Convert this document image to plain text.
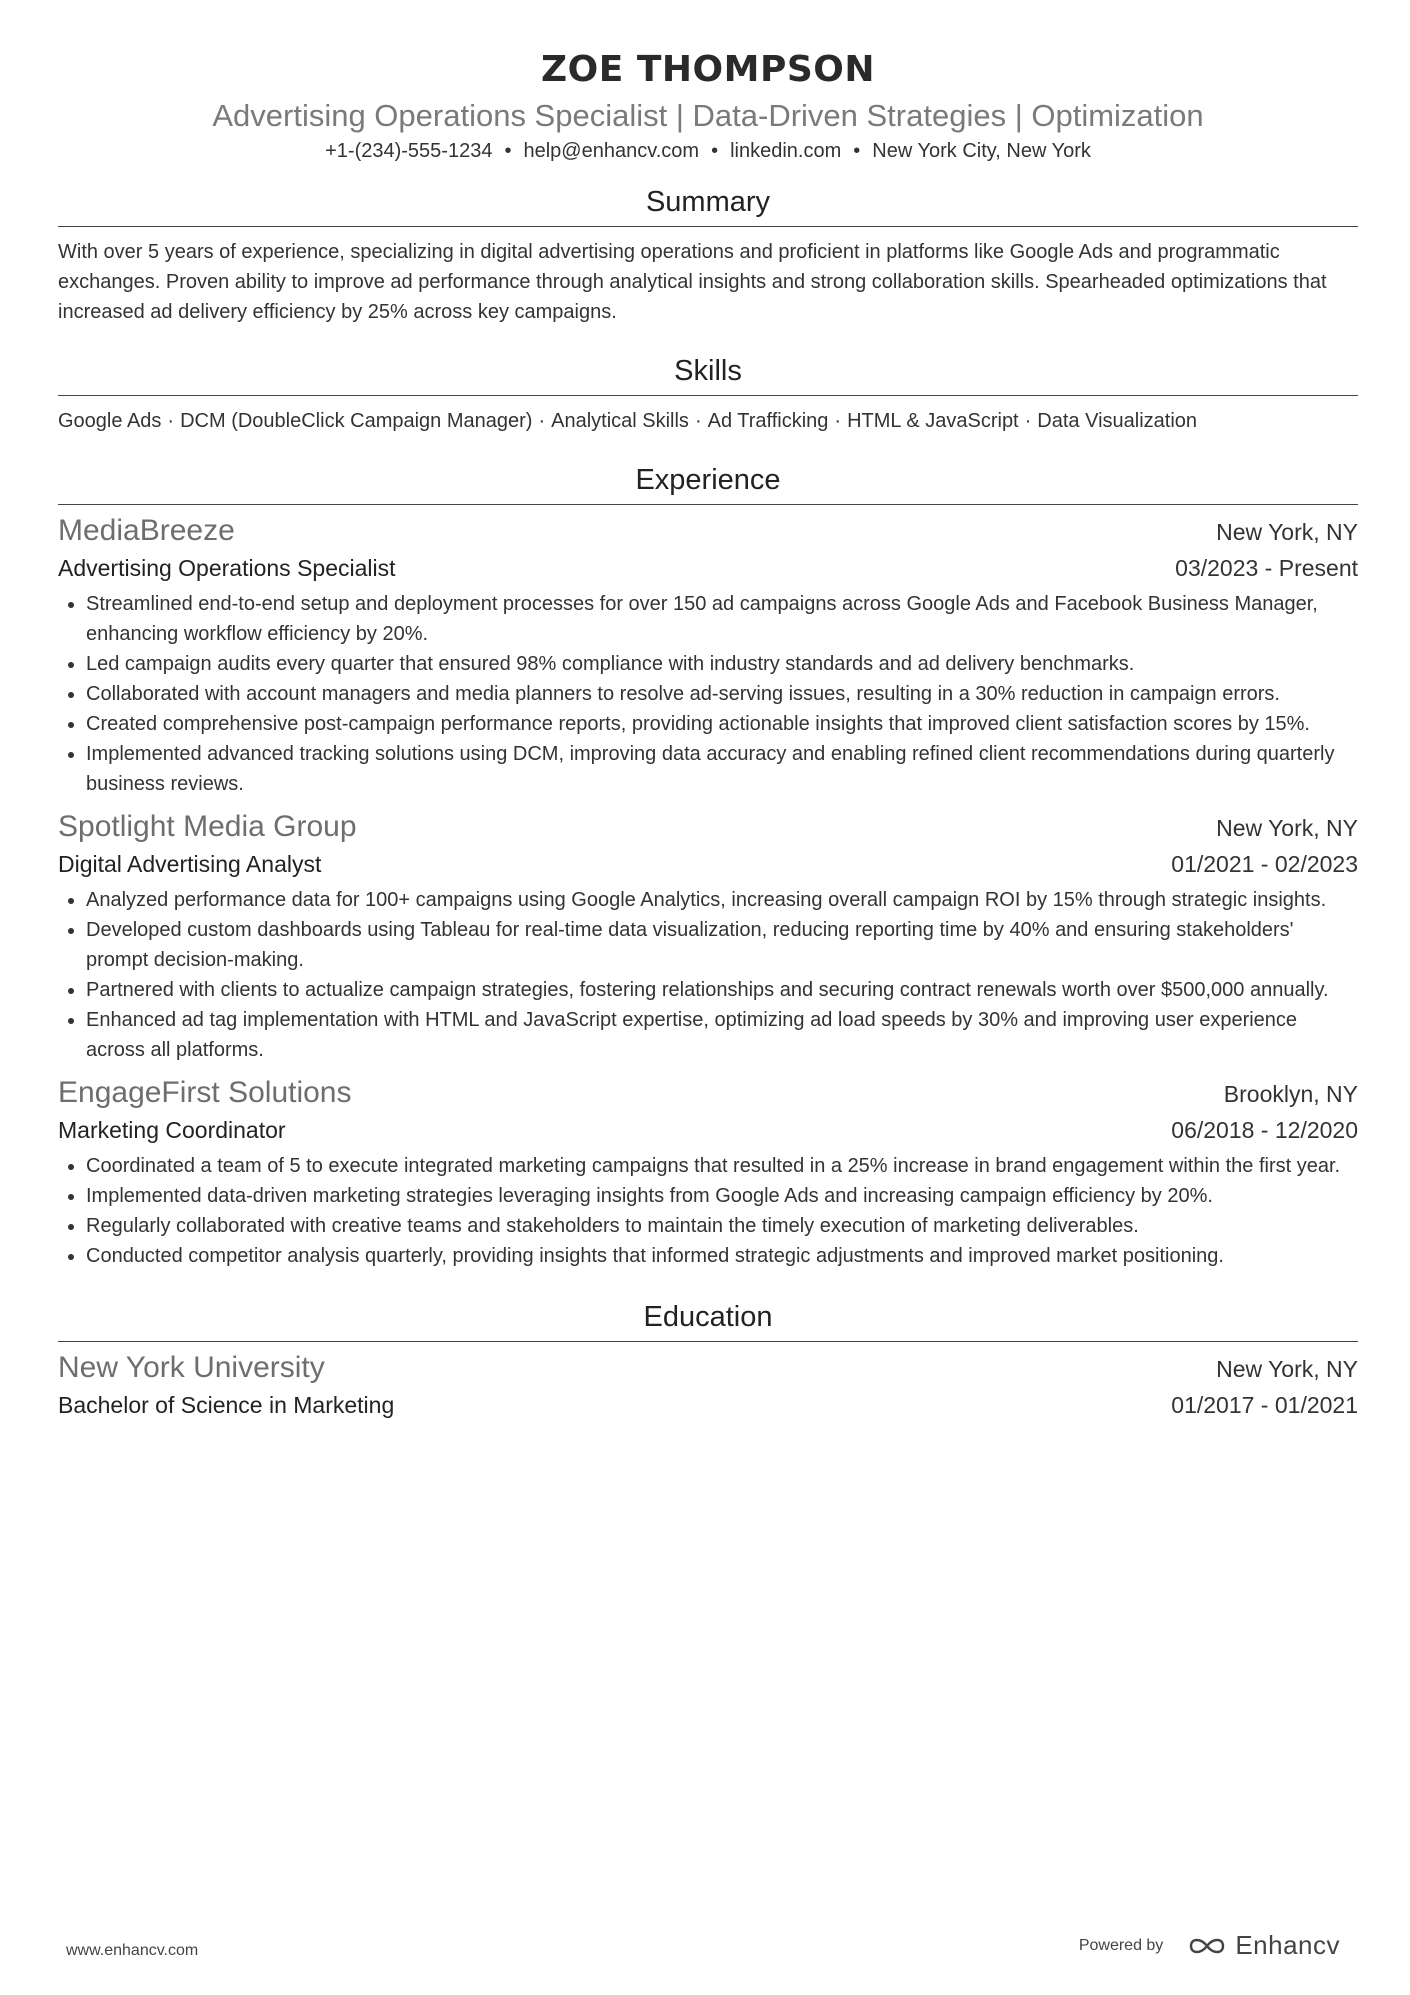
ZOE THOMPSON
Advertising Operations Specialist | Data-Driven Strategies | Optimization
+1-(234)-555-1234 • help@enhancv.com • linkedin.com • New York City, New York
Summary

With over 5 years of experience, specializing in digital advertising operations and proficient in platforms like Google Ads and programmatic exchanges. Proven ability to improve ad performance through analytical insights and strong collaboration skills. Spearheaded optimizations that increased ad delivery efficiency by 25% across key campaigns.

Skills
Google Ads · DCM (DoubleClick Campaign Manager) · Analytical Skills · Ad Trafficking · HTML & JavaScript · Data Visualization
Experience
MediaBreeze	New York, NY
Advertising Operations Specialist	03/2023 - Present
• Streamlined end-to-end setup and deployment processes for over 150 ad campaigns across Google Ads and Facebook Business Manager, enhancing workflow efficiency by 20%.
• Led campaign audits every quarter that ensured 98% compliance with industry standards and ad delivery benchmarks.
• Collaborated with account managers and media planners to resolve ad-serving issues, resulting in a 30% reduction in campaign errors.
• Created comprehensive post-campaign performance reports, providing actionable insights that improved client satisfaction scores by 15%.
• Implemented advanced tracking solutions using DCM, improving data accuracy and enabling refined client recommendations during quarterly business reviews.
Spotlight Media Group	New York, NY
Digital Advertising Analyst	01/2021 - 02/2023
• Analyzed performance data for 100+ campaigns using Google Analytics, increasing overall campaign ROI by 15% through strategic insights.
• Developed custom dashboards using Tableau for real-time data visualization, reducing reporting time by 40% and ensuring stakeholders' prompt decision-making.
• Partnered with clients to actualize campaign strategies, fostering relationships and securing contract renewals worth over $500,000 annually.
• Enhanced ad tag implementation with HTML and JavaScript expertise, optimizing ad load speeds by 30% and improving user experience across all platforms.
EngageFirst Solutions	Brooklyn, NY
Marketing Coordinator	06/2018 - 12/2020
• Coordinated a team of 5 to execute integrated marketing campaigns that resulted in a 25% increase in brand engagement within the first year.
• Implemented data-driven marketing strategies leveraging insights from Google Ads and increasing campaign efficiency by 20%.
• Regularly collaborated with creative teams and stakeholders to maintain the timely execution of marketing deliverables.
• Conducted competitor analysis quarterly, providing insights that informed strategic adjustments and improved market positioning.
Education
New York University	New York, NY
Bachelor of Science in Marketing	01/2017 - 01/2021
www.enhancv.com	Powered by	Enhancv
